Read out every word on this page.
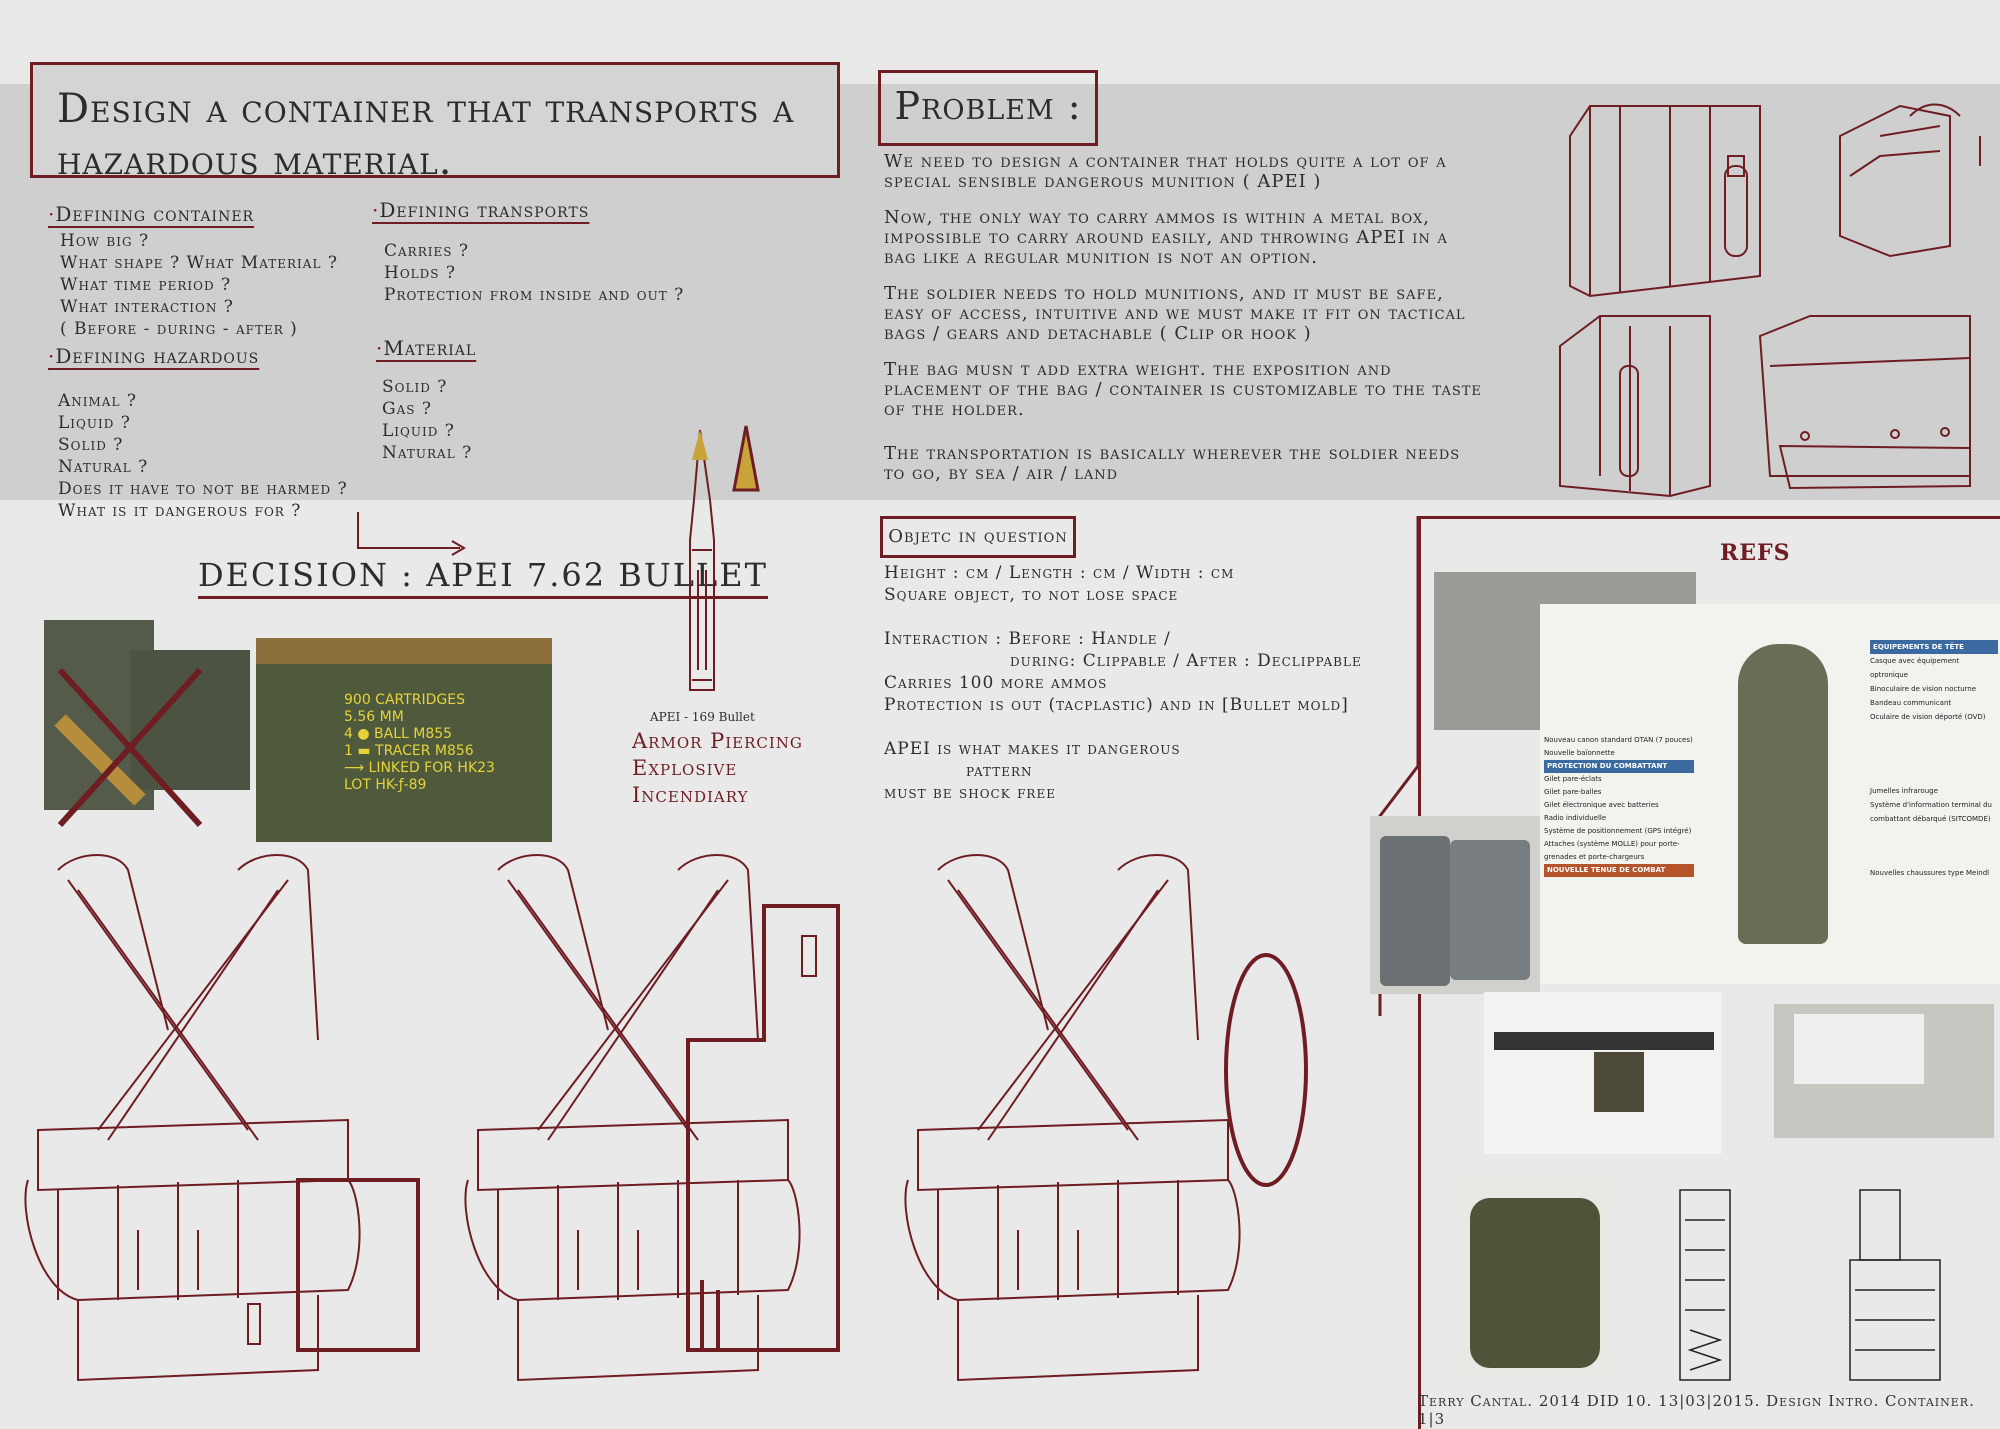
Design a container that transports a hazardous material.
Problem :
·Defining container
How big ?
What shape ? What Material ?
What time period ?
What interaction ?
( Before - during - after )
·Defining hazardous
Animal ?
Liquid ?
Solid ?
Natural ?
Does it have to not be harmed ?
What is it dangerous for ?
·Defining transports
Carries ?
Holds ?
Protection from inside and out ?
·Material
Solid ?
Gas ?
Liquid ?
Natural ?

We need to design a container that holds quite a lot of a special sensible dangerous munition ( APEI )

Now, the only way to carry ammos is within a metal box, impossible to carry around easily, and throwing APEI in a bag like a regular munition is not an option.

The soldier needs to hold munitions, and it must be safe, easy of access, intuitive and we must make it fit on tactical bags / gears and detachable ( Clip or hook )

The bag musn t add extra weight. the exposition and placement of the bag / container is customizable to the taste of the holder.

The transportation is basically wherever the soldier needs to go, by sea / air / land

DECISION : APEI 7.62 BULLET
900 CARTRIDGES
5.56 MM
4 ● BALL M855
1 ▬ TRACER M856
⟶ LINKED FOR HK23
LOT HK-ƒ-89
APEI - 169 Bullet
Armor Piercing
Explosive
Incendiary
Objetc in question
Height : cm / Length : cm / Width : cm
Square object, to not lose space

Interaction : Before : Handle /
during: Clippable / After : Declippable
Carries 100 more ammos
Protection is out (tacplastic) and in [Bullet mold]

APEI is what makes it dangerous
pattern
must be shock free
REFS
EQUIPEMENTS DE TÊTE
Casque avec équipement optronique
Binoculaire de vision nocturne
Bandeau communicant
Oculaire de vision déporté (OVD)
Jumelles infrarouge
Système d'information terminal du combattant débarqué (SITCOMDE)
Nouvelles chaussures type Meindl
Nouveau canon standard OTAN (7 pouces)
Nouvelle baïonnette
PROTECTION DU COMBATTANT
Gilet pare-éclats
Gilet pare-balles
Gilet électronique avec batteries
Radio individuelle
Système de positionnement (GPS intégré)
Attaches (système MOLLE) pour porte-grenades et porte-chargeurs
NOUVELLE TENUE DE COMBAT
Terry Cantal. 2014 DID 10. 13|03|2015. Design Intro. Container. 1|3
